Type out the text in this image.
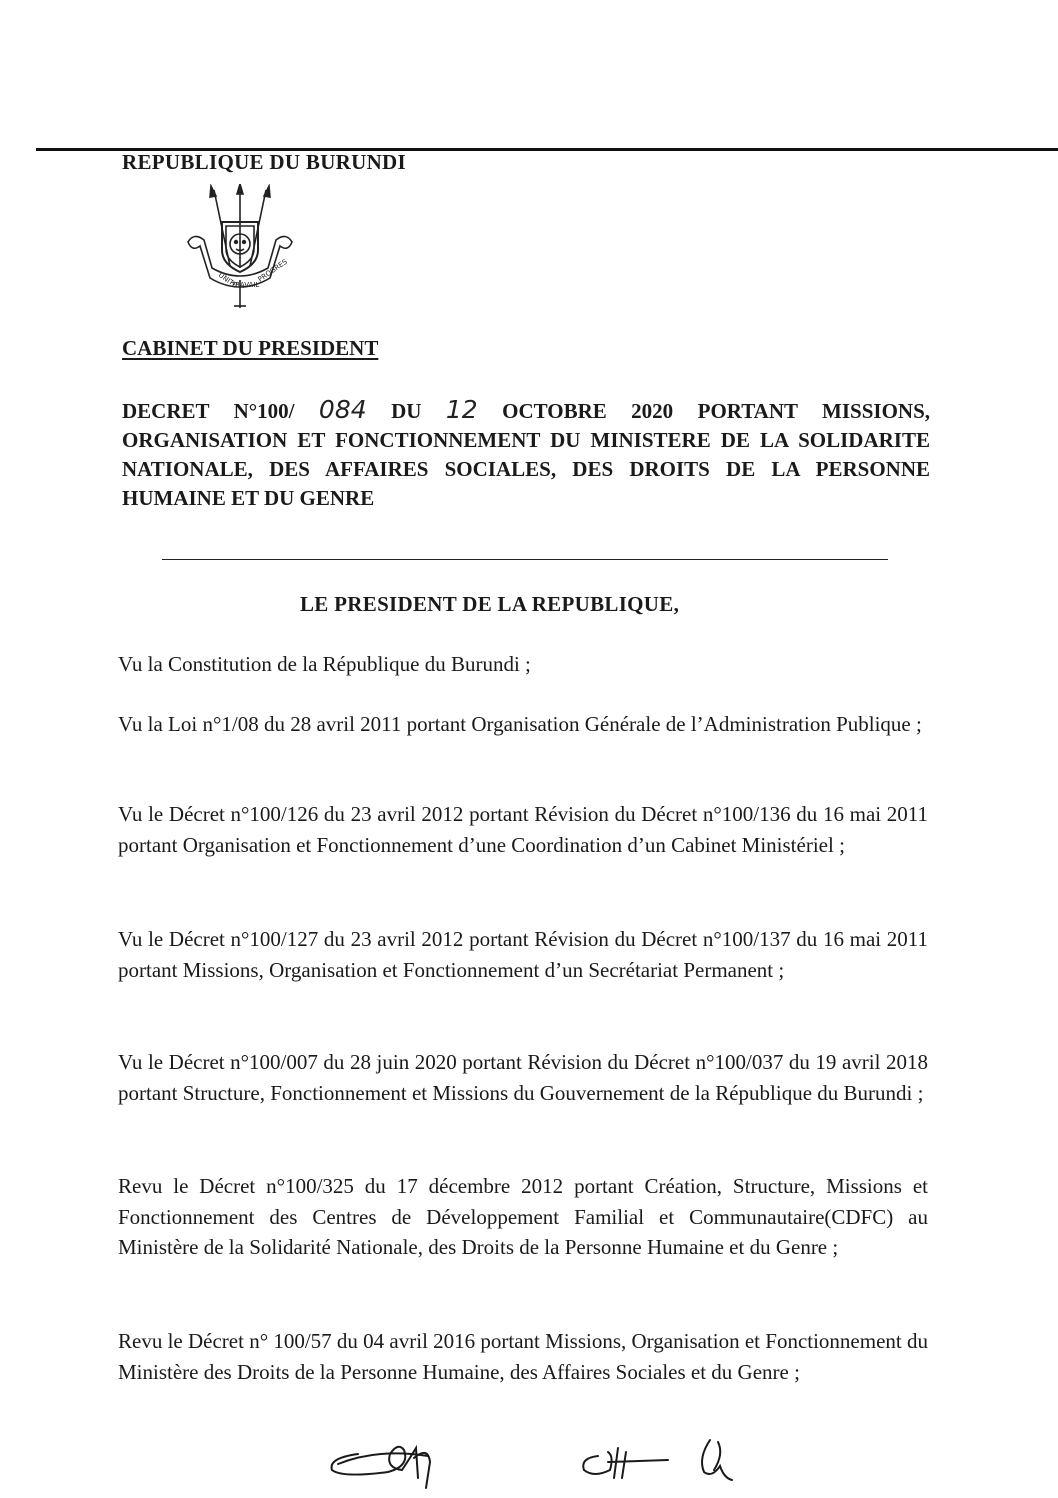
REPUBLIQUE DU BURUNDI
UNITE
TRAVAIL
PROGRES
CABINET DU PRESIDENT
DECRET N°100/ 084 DU 12 OCTOBRE 2020 PORTANT MISSIONS, ORGANISATION ET FONCTIONNEMENT DU MINISTERE DE LA SOLIDARITE NATIONALE, DES AFFAIRES SOCIALES, DES DROITS DE LA PERSONNE HUMAINE ET DU GENRE
LE PRESIDENT DE LA REPUBLIQUE,

Vu la Constitution de la République du Burundi ;

Vu la Loi n°1/08 du 28 avril 2011 portant Organisation Générale de l’Administration Publique ;

Vu le Décret n°100/126 du 23 avril 2012 portant Révision du Décret n°100/136 du 16 mai 2011 portant Organisation et Fonctionnement d’une Coordination d’un Cabinet Ministériel ;

Vu le Décret n°100/127 du 23 avril 2012 portant Révision du Décret n°100/137 du 16 mai 2011 portant Missions, Organisation et Fonctionnement d’un Secrétariat Permanent ;

Vu le Décret n°100/007 du 28 juin 2020 portant Révision du Décret n°100/037 du 19 avril 2018 portant Structure, Fonctionnement et Missions du Gouvernement de la République du Burundi ;

Revu le Décret n°100/325 du 17 décembre 2012 portant Création, Structure, Missions et Fonctionnement des Centres de Développement Familial et Communautaire(CDFC) au Ministère de la Solidarité Nationale, des Droits de la Personne Humaine et du Genre ;

Revu le Décret n° 100/57 du 04 avril 2016 portant Missions, Organisation et Fonctionnement du Ministère des Droits de la Personne Humaine, des Affaires Sociales et du Genre ;
